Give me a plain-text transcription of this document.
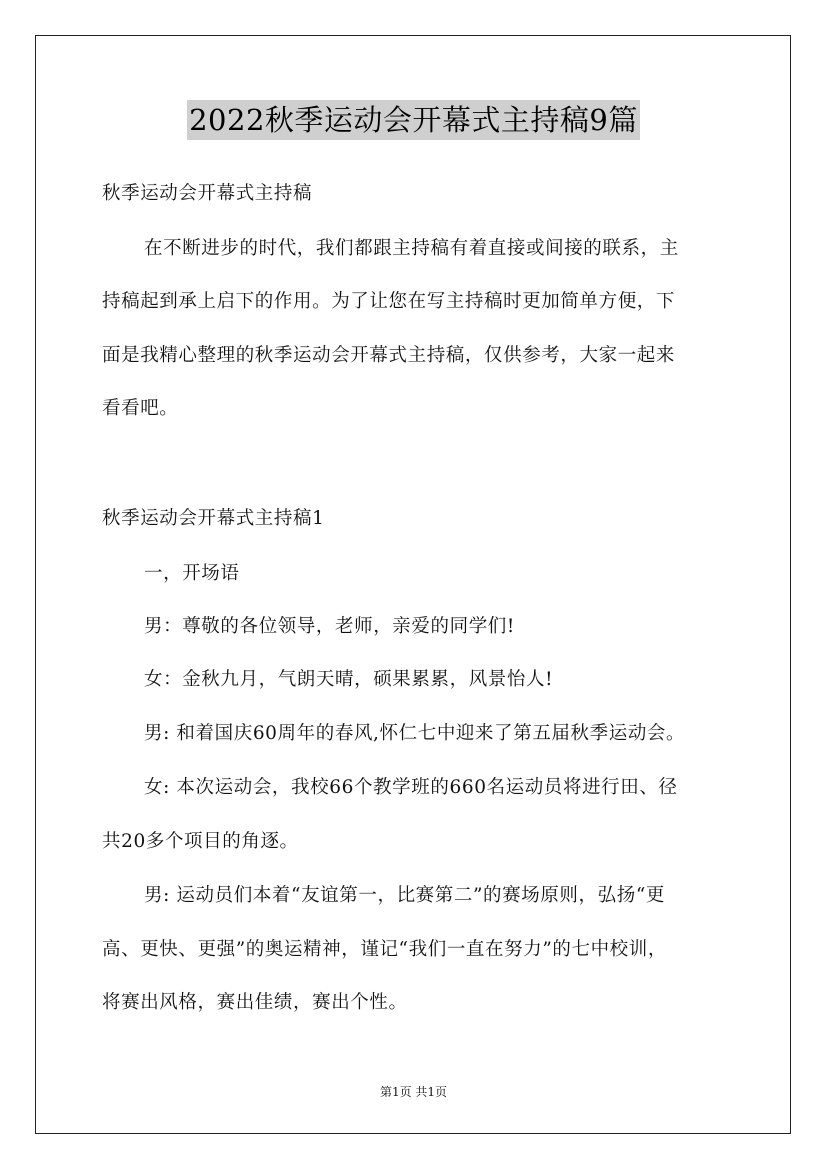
2022秋季运动会开幕式主持稿9篇
秋季运动会开幕式主持稿
在不断进步的时代，我们都跟主持稿有着直接或间接的联系，主
持稿起到承上启下的作用。为了让您在写主持稿时更加简单方便，下
面是我精心整理的秋季运动会开幕式主持稿，仅供参考，大家一起来
看看吧。
秋季运动会开幕式主持稿1
一，开场语
男：尊敬的各位领导，老师，亲爱的同学们!
女：金秋九月，气朗天晴，硕果累累，风景怡人!
男: 和着国庆60周年的春风,怀仁七中迎来了第五届秋季运动会。
女: 本次运动会，我校66个教学班的660名运动员将进行田、径
共20多个项目的角逐。
男: 运动员们本着“友谊第一，比赛第二”的赛场原则，弘扬“更
高、更快、更强”的奥运精神，谨记“我们一直在努力”的七中校训，
将赛出风格，赛出佳绩，赛出个性。
第1页 共1页
